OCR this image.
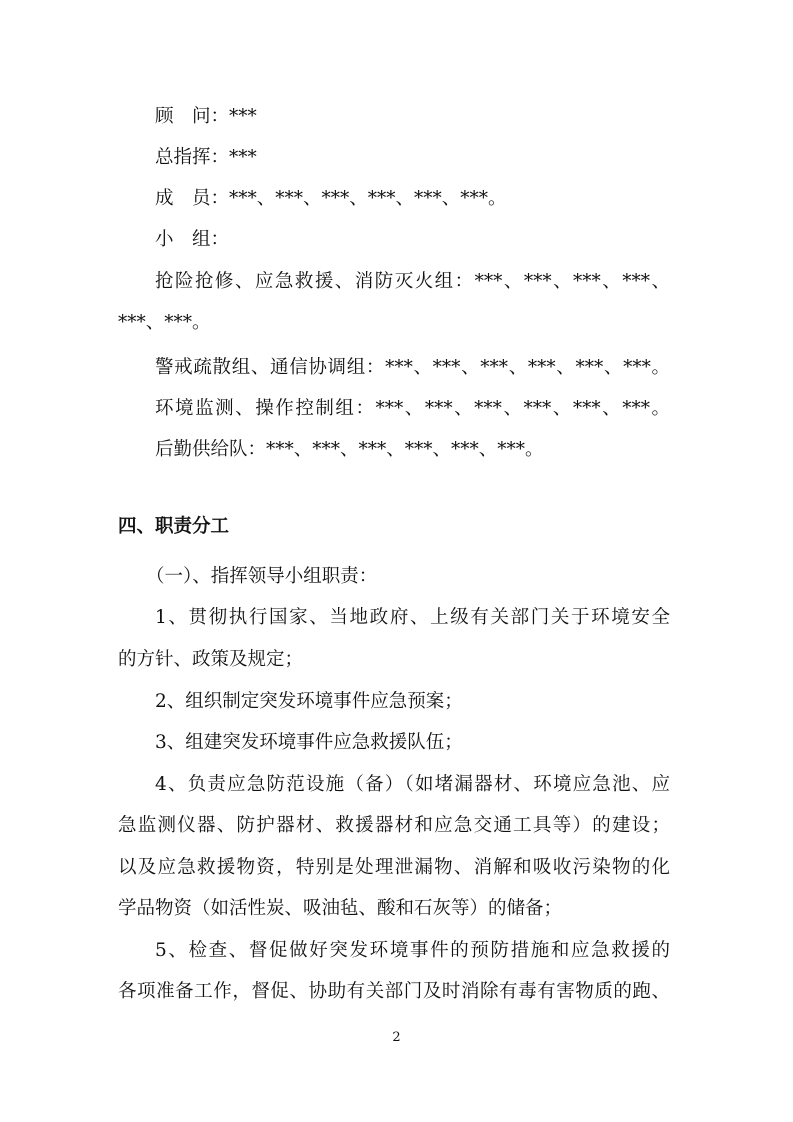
顾　问：***
总指挥：***
成　员：***、***、***、***、***、***。
小　组：
抢险抢修、应急救援、消防灭火组：***、***、***、***、
***、***。
警戒疏散组、通信协调组：***、***、***、***、***、***。
环境监测、操作控制组：***、***、***、***、***、***。
后勤供给队：***、***、***、***、***、***。
四、职责分工
（一）、指挥领导小组职责：
1、贯彻执行国家、当地政府、上级有关部门关于环境安全
的方针、政策及规定；
2、组织制定突发环境事件应急预案；
3、组建突发环境事件应急救援队伍；
4、负责应急防范设施（备）（如堵漏器材、环境应急池、应
急监测仪器、防护器材、救援器材和应急交通工具等）的建设；
以及应急救援物资，特别是处理泄漏物、消解和吸收污染物的化
学品物资（如活性炭、吸油毡、酸和石灰等）的储备；
5、检查、督促做好突发环境事件的预防措施和应急救援的
各项准备工作，督促、协助有关部门及时消除有毒有害物质的跑、
2
